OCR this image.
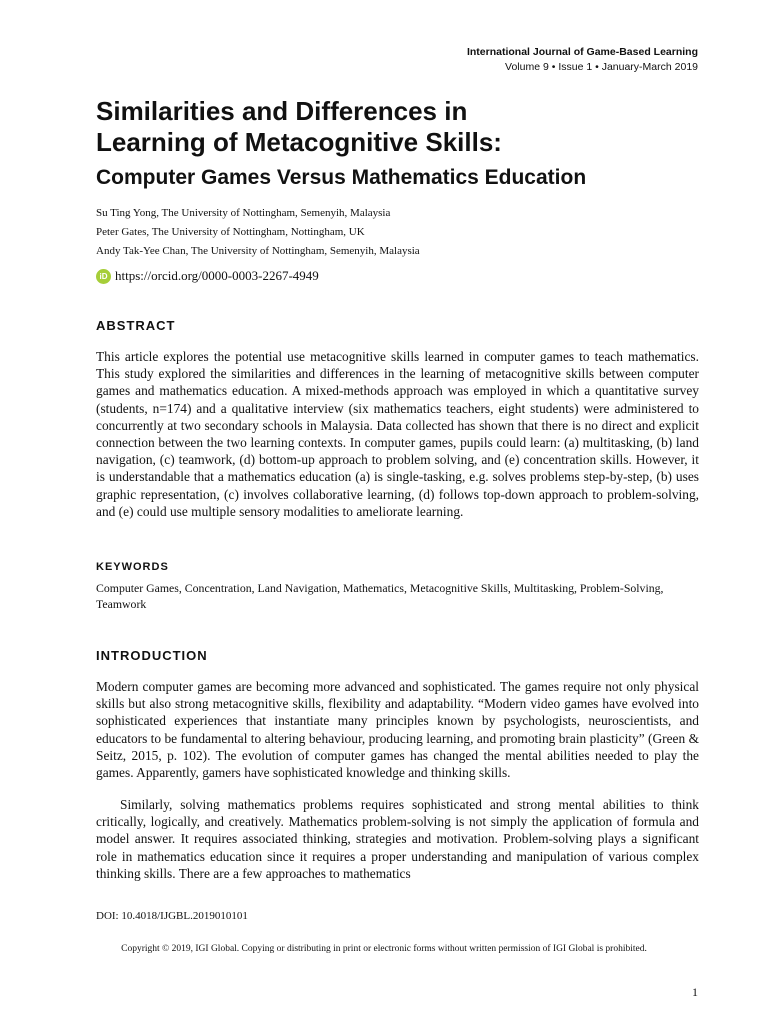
International Journal of Game-Based Learning
Volume 9 • Issue 1 • January-March 2019
Similarities and Differences in
Learning of Metacognitive Skills:
Computer Games Versus Mathematics Education
Su Ting Yong, The University of Nottingham, Semenyih, Malaysia
Peter Gates, The University of Nottingham, Nottingham, UK
Andy Tak-Yee Chan, The University of Nottingham, Semenyih, Malaysia
iD https://orcid.org/0000-0003-2267-4949
ABSTRACT

This article explores the potential use metacognitive skills learned in computer games to teach mathematics. This study explored the similarities and differences in the learning of metacognitive skills between computer games and mathematics education. A mixed-methods approach was employed in which a quantitative survey (students, n=174) and a qualitative interview (six mathematics teachers, eight students) were administered to concurrently at two secondary schools in Malaysia. Data collected has shown that there is no direct and explicit connection between the two learning contexts. In computer games, pupils could learn: (a) multitasking, (b) land navigation, (c) teamwork, (d) bottom-up approach to problem solving, and (e) concentration skills. However, it is understandable that a mathematics education (a) is single-tasking, e.g. solves problems step-by-step, (b) uses graphic representation, (c) involves collaborative learning, (d) follows top-down approach to problem-solving, and (e) could use multiple sensory modalities to ameliorate learning.

KEYWORDS

Computer Games, Concentration, Land Navigation, Mathematics, Metacognitive Skills, Multitasking, Problem-Solving, Teamwork

INTRODUCTION

Modern computer games are becoming more advanced and sophisticated. The games require not only physical skills but also strong metacognitive skills, flexibility and adaptability. “Modern video games have evolved into sophisticated experiences that instantiate many principles known by psychologists, neuroscientists, and educators to be fundamental to altering behaviour, producing learning, and promoting brain plasticity” (Green & Seitz, 2015, p. 102). The evolution of computer games has changed the mental abilities needed to play the games. Apparently, gamers have sophisticated knowledge and thinking skills.

Similarly, solving mathematics problems requires sophisticated and strong mental abilities to think critically, logically, and creatively. Mathematics problem-solving is not simply the application of formula and model answer. It requires associated thinking, strategies and motivation. Problem-solving plays a significant role in mathematics education since it requires a proper understanding and manipulation of various complex thinking skills. There are a few approaches to mathematics

DOI: 10.4018/IJGBL.2019010101
Copyright © 2019, IGI Global. Copying or distributing in print or electronic forms without written permission of IGI Global is prohibited.
1
